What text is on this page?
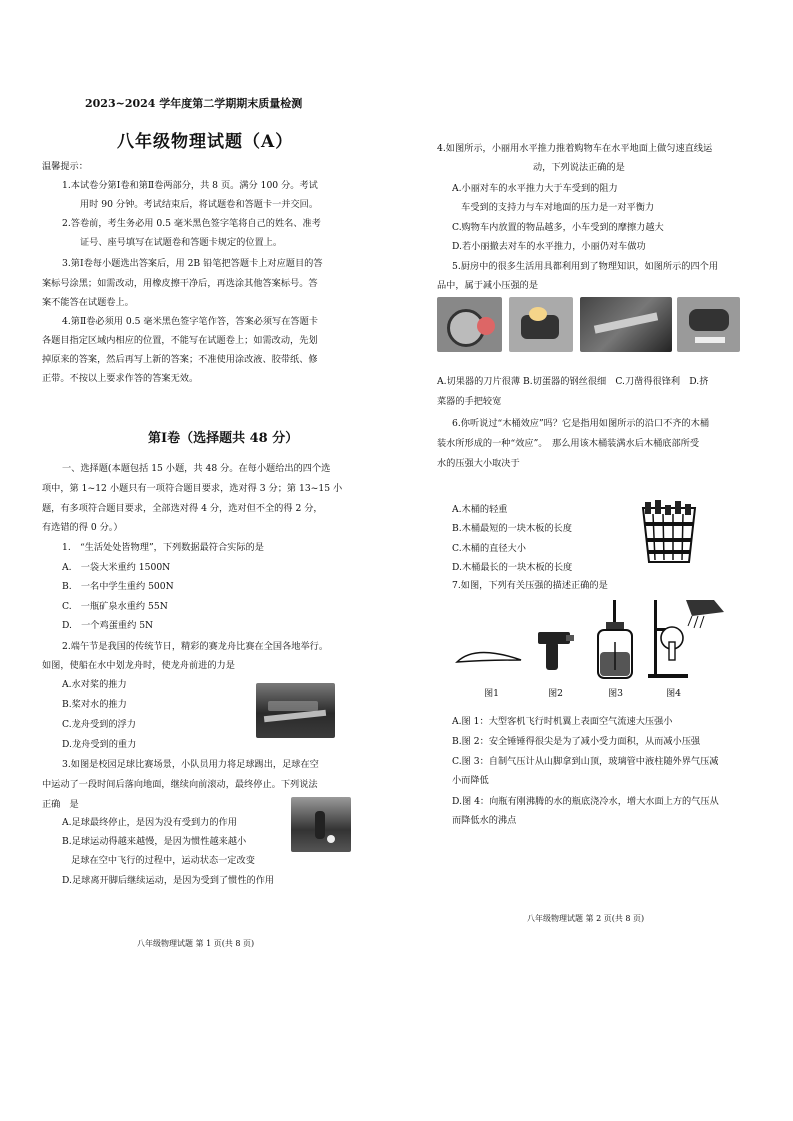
2023~2024 学年度第二学期期末质量检测
八年级物理试题（A）
温馨提示：
1.本试卷分第Ⅰ卷和第Ⅱ卷两部分，共 8 页。满分 100 分。考试
用时 90 分钟。考试结束后，将试题卷和答题卡一并交回。
2.答卷前，考生务必用 0.5 毫米黑色签字笔将自己的姓名、准考
证号、座号填写在试题卷和答题卡规定的位置上。
3.第Ⅰ卷每小题选出答案后，用 2B 铅笔把答题卡上对应题目的答
案标号涂黑；如需改动，用橡皮擦干净后，再选涂其他答案标号。答
案不能答在试题卷上。
4.第Ⅱ卷必须用 0.5 毫米黑色签字笔作答，答案必须写在答题卡
各题目指定区域内相应的位置，不能写在试题卷上；如需改动，先划
掉原来的答案，然后再写上新的答案；不准使用涂改液、胶带纸、修
正带。不按以上要求作答的答案无效。
第Ⅰ卷（选择题共 48 分）
一、选择题(本题包括 15 小题，共 48 分。在每小题给出的四个选
项中，第 1~12 小题只有一项符合题目要求，选对得 3 分；第 13~15 小
题，有多项符合题目要求，全部选对得 4 分，选对但不全的得 2 分，
有选错的得 0 分。）
1.　“生活处处皆物理”，下列数据最符合实际的是
A.　一袋大米重约 1500N
B.　一名中学生重约 500N
C.　一瓶矿泉水重约 55N
D.　一个鸡蛋重约 5N
2.端午节是我国的传统节日，精彩的赛龙舟比赛在全国各地举行。
如图，使船在水中划龙舟时，使龙舟前进的力是
A.水对桨的推力
B.桨对水的推力
C.龙舟受到的浮力
D.龙舟受到的重力
3.如图是校园足球比赛场景，小队员用力将足球踢出，足球在空
中运动了一段时间后落向地面，继续向前滚动，最终停止。下列说法
正确　是
A.足球最终停止，是因为没有受到力的作用
B.足球运动得越来越慢，是因为惯性越来越小
　足球在空中飞行的过程中，运动状态一定改变
D.足球离开脚后继续运动，是因为受到了惯性的作用
八年级物理试题 第 1 页(共 8 页)
4.如图所示，小丽用水平推力推着购物车在水平地面上做匀速直线运
动，下列说法正确的是
A.小丽对车的水平推力大于车受到的阻力
　车受到的支持力与车对地面的压力是一对平衡力
C.购物车内放置的物品越多，小车受到的摩擦力越大
D.若小丽撤去对车的水平推力，小丽仍对车做功
5.厨房中的很多生活用具都利用到了物理知识，如图所示的四个用
品中，属于减小压强的是
A.切果器的刀片很薄 B.切蛋器的钢丝很细　C.刀凿得很锋利　D.挤
菜器的手把较宽
6.你听说过“木桶效应”吗？它是指用如图所示的沿口不齐的木桶
装水所形成的一种“效应”。　那么用该木桶装满水后木桶底部所受
水的压强大小取决于
A.木桶的轻重
B.木桶最短的一块木板的长度
C.木桶的直径大小
D.木桶最长的一块木板的长度
7.如图，下列有关压强的描述正确的是
图1	图2	图3	图4
A.图 1：大型客机飞行时机翼上表面空气流速大压强小
B.图 2：安全锤锤得很尖是为了减小受力面积，从而减小压强
C.图 3：自制气压计从山脚拿到山顶，玻璃管中液柱随外界气压减
小而降低
D.图 4：向瓶有刚沸腾的水的瓶底浇冷水，增大水面上方的气压从
而降低水的沸点
八年级物理试题 第 2 页(共 8 页)
